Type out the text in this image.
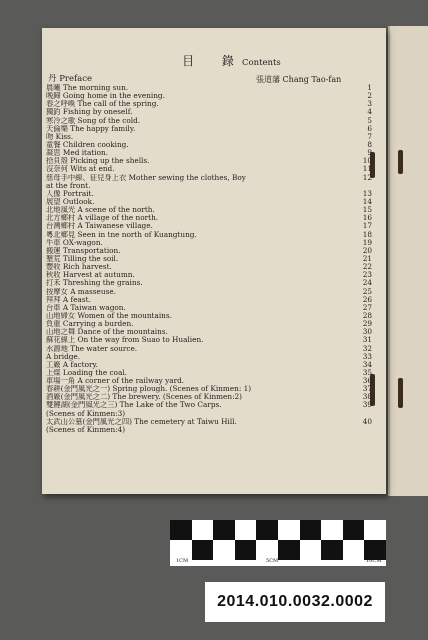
目 錄
Contents
丹 Preface	張道藩 Chang Tao-fan
晨曦 The morning sun.	1
晚歸 Going home in the evening.	2
春之呼喚 The call of the spring.	3
獨釣 Fishing by oneself.	4
寒冷之歌 Song of the cold.	5
天倫樂 The happy family.	6
吻 Kiss.	7
童餐 Children cooking.	8
凝思 Med itation.	9
拾貝殼 Picking up the shells.	10
沒奈何 Wits at end.	11
慈母手中線、征兒身上衣 Mother sewing the clothes, Boy	12
at the front.
人像 Portrait.	13
展望 Outlook.	14
北地風光 A scene of the north.	15
北方鄉村 A village of the north.	16
台灣鄉村 A Taiwanese village.	17
粵北鄉見 Seen in tne north of Kuangtung.	18
牛車 OX-wagon.	19
搬運 Transportation.	20
墾荒 Tilling the soil.	21
豐收 Rich harvest.	22
秋收 Harvest at autumn.	23
打禾 Threshing the grains.	24
按摩女 A masseuse.	25
拜拜 A feast.	26
台車 A Taiwan wagon.	27
山地婦女 Women of the mountains.	28
負重 Carrying a burden.	29
山地之舞 Dance of the mountains.	30
蘇花線上 On the way from Suao to Hualien.	31
水源地 The water source.	32
A bridge.	33
工廠 A factory.	34
上煤 Loading the coal.	35
車場一角 A corner of the railway yard.	36
春耕(金門風光之一) Spring plough. (Scenes of Kinmen: 1)	37
酒廠(金門風光之二) The brewery. (Scenes of Kinmen:2)	38
雙鯉湖(金門風光之三) The Lake of the Two Carps.	39
(Scenes of Kinmen:3)
太武山公墓(金門風光之四) The cemetery at Taiwu Hill.	40
(Scenes of Kinmen:4)
ELAB
1CM	5CM	10CM
2014.010.0032.0002
